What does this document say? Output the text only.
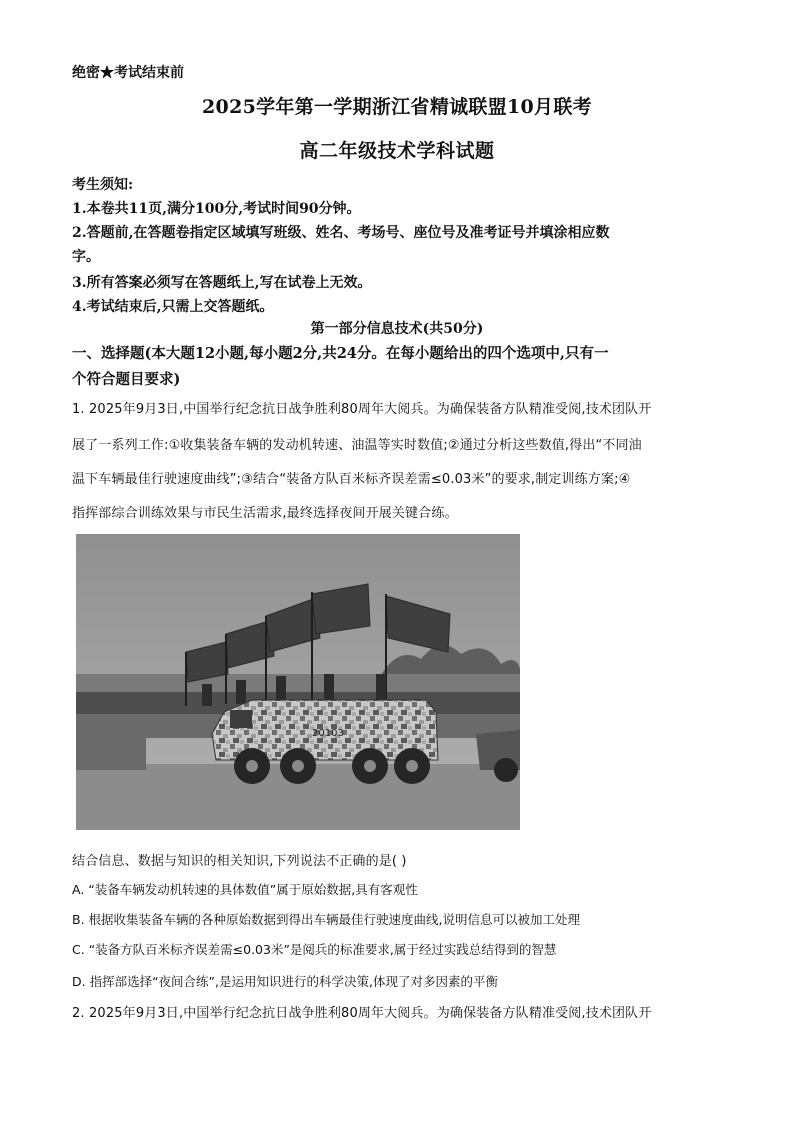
绝密★考试结束前
2025学年第一学期浙江省精诚联盟10月联考
高二年级技术学科试题
考生须知:
1.本卷共11页,满分100分,考试时间90分钟。
2.答题前,在答题卷指定区域填写班级、姓名、考场号、座位号及准考证号并填涂相应数
字。
3.所有答案必须写在答题纸上,写在试卷上无效。
4.考试结束后,只需上交答题纸。
第一部分信息技术(共50分)
一、选择题(本大题12小题,每小题2分,共24分。在每小题给出的四个选项中,只有一
个符合题目要求)
1. 2025年9月3日,中国举行纪念抗日战争胜利80周年大阅兵。为确保装备方队精准受阅,技术团队开
展了一系列工作:①收集装备车辆的发动机转速、油温等实时数值;②通过分析这些数值,得出“不同油
温下车辆最佳行驶速度曲线”;③结合“装备方队百米标齐误差需≤0.03米”的要求,制定训练方案;④
指挥部综合训练效果与市民生活需求,最终选择夜间开展关键合练。
20103
结合信息、数据与知识的相关知识,下列说法不正确的是( )
A. “装备车辆发动机转速的具体数值”属于原始数据,具有客观性
B. 根据收集装备车辆的各种原始数据到得出车辆最佳行驶速度曲线,说明信息可以被加工处理
C. “装备方队百米标齐误差需≤0.03米”是阅兵的标准要求,属于经过实践总结得到的智慧
D. 指挥部选择“夜间合练”,是运用知识进行的科学决策,体现了对多因素的平衡
2. 2025年9月3日,中国举行纪念抗日战争胜利80周年大阅兵。为确保装备方队精准受阅,技术团队开
